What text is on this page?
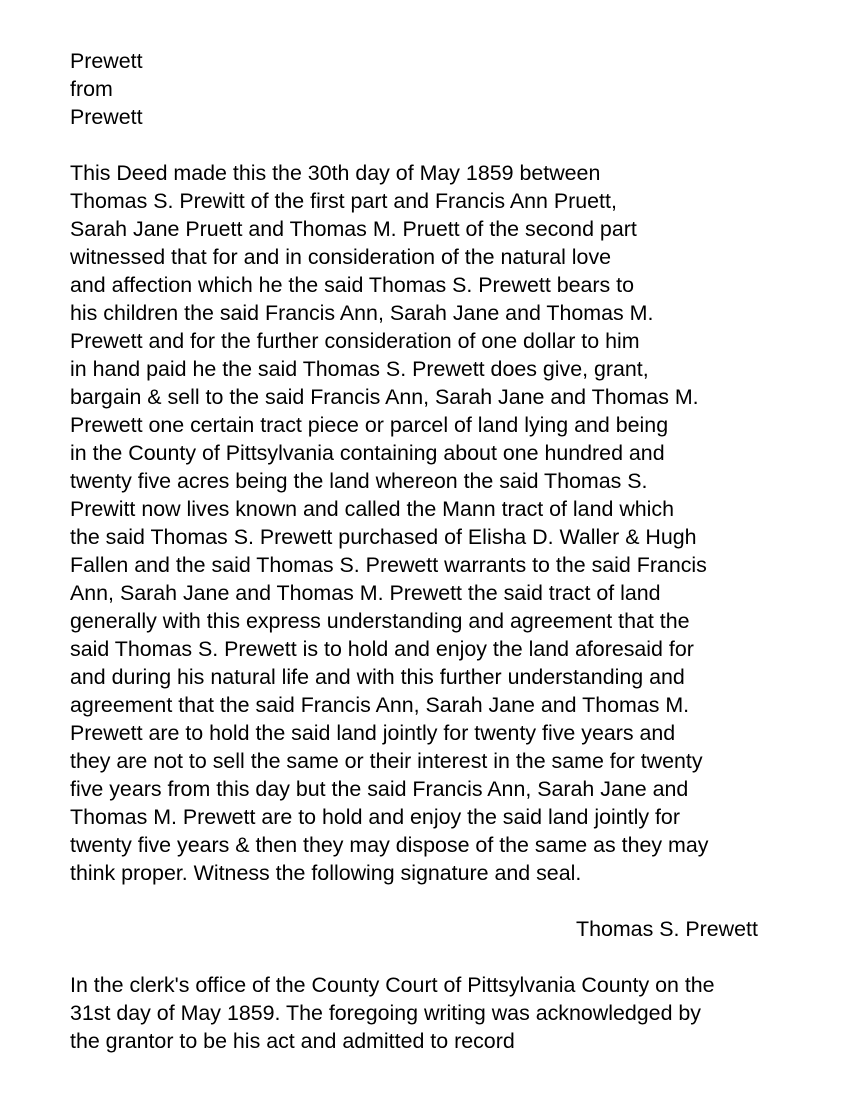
Prewett

from

Prewett

This Deed made this the 30th day of May 1859 between

Thomas S. Prewitt of the first part and Francis Ann Pruett,

Sarah Jane Pruett and Thomas M. Pruett of the second part

witnessed that for and in consideration of the natural love

and affection which he the said Thomas S. Prewett bears to

his children the said Francis Ann, Sarah Jane and Thomas M.

Prewett and for the further consideration of one dollar to him

in hand paid he the said Thomas S. Prewett does give, grant,

bargain & sell to the said Francis Ann, Sarah Jane and Thomas M.

Prewett one certain tract piece or parcel of land lying and being

in the County of Pittsylvania containing about one hundred and

twenty five acres being the land whereon the said Thomas S.

Prewitt now lives known and called the Mann tract of land which

the said Thomas S. Prewett purchased of Elisha D. Waller & Hugh

Fallen and the said Thomas S. Prewett warrants to the said Francis

Ann, Sarah Jane and Thomas M. Prewett the said tract of land

generally with this express understanding and agreement that the

said Thomas S. Prewett is to hold and enjoy the land aforesaid for

and during his natural life and with this further understanding and

agreement that the said Francis Ann, Sarah Jane and Thomas M.

Prewett are to hold the said land jointly for twenty five years and

they are not to sell the same or their interest in the same for twenty

five years from this day but the said Francis Ann, Sarah Jane and

Thomas M. Prewett are to hold and enjoy the said land jointly for

twenty five years & then they may dispose of the same as they may

think proper. Witness the following signature and seal.

Thomas S. Prewett

In the clerk's office of the County Court of Pittsylvania County on the

31st day of May 1859. The foregoing writing was acknowledged by

the grantor to be his act and admitted to record
